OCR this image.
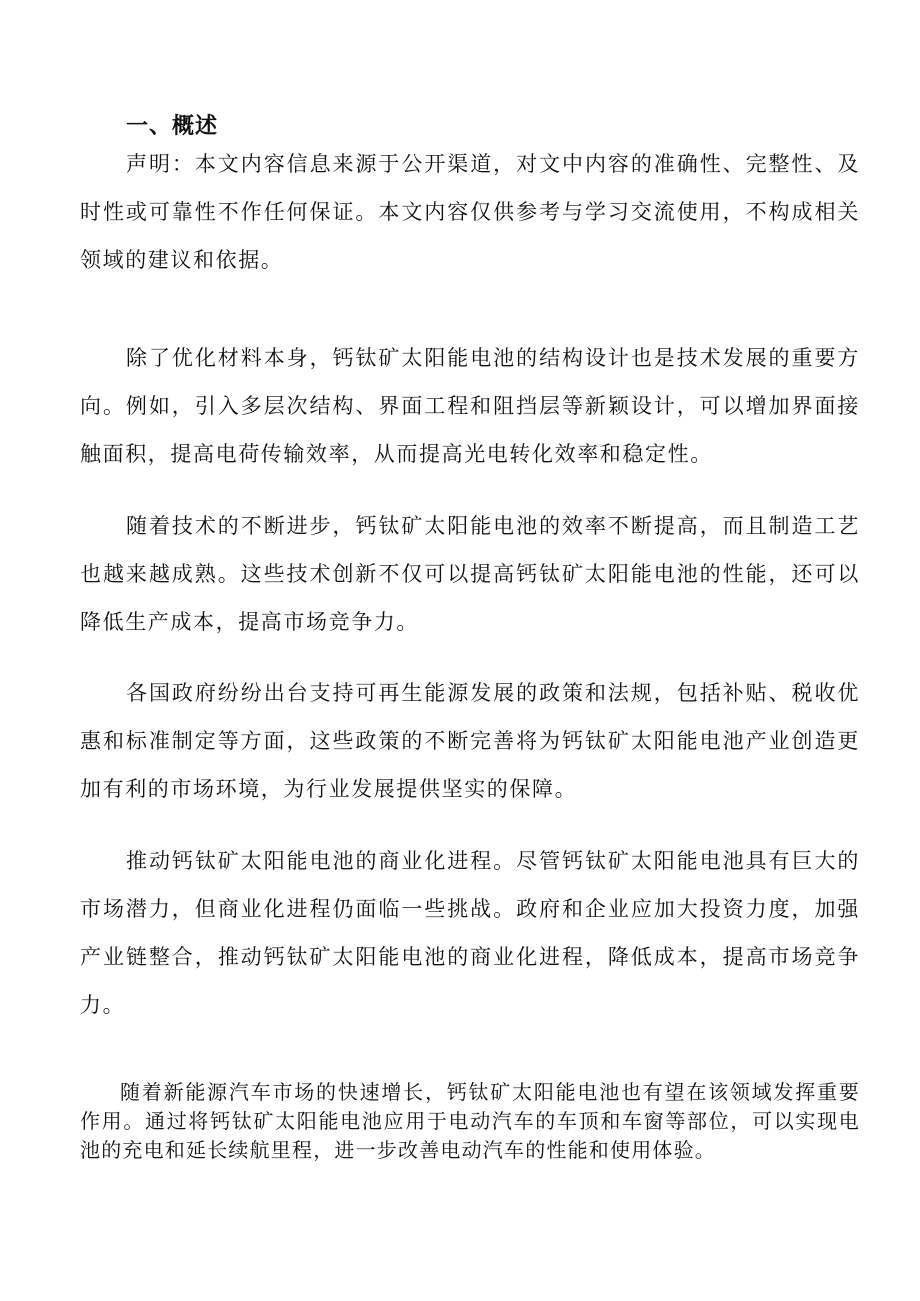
一、概述

声明：本文内容信息来源于公开渠道，对文中内容的准确性、完整性、及时性或可靠性不作任何保证。本文内容仅供参考与学习交流使用，不构成相关领域的建议和依据。

除了优化材料本身，钙钛矿太阳能电池的结构设计也是技术发展的重要方向。例如，引入多层次结构、界面工程和阻挡层等新颖设计，可以增加界面接触面积，提高电荷传输效率，从而提高光电转化效率和稳定性。

随着技术的不断进步，钙钛矿太阳能电池的效率不断提高，而且制造工艺也越来越成熟。这些技术创新不仅可以提高钙钛矿太阳能电池的性能，还可以降低生产成本，提高市场竞争力。

各国政府纷纷出台支持可再生能源发展的政策和法规，包括补贴、税收优惠和标准制定等方面，这些政策的不断完善将为钙钛矿太阳能电池产业创造更加有利的市场环境，为行业发展提供坚实的保障。

推动钙钛矿太阳能电池的商业化进程。尽管钙钛矿太阳能电池具有巨大的市场潜力，但商业化进程仍面临一些挑战。政府和企业应加大投资力度，加强产业链整合，推动钙钛矿太阳能电池的商业化进程，降低成本，提高市场竞争力。

随着新能源汽车市场的快速增长，钙钛矿太阳能电池也有望在该领域发挥重要作用。通过将钙钛矿太阳能电池应用于电动汽车的车顶和车窗等部位，可以实现电池的充电和延长续航里程，进一步改善电动汽车的性能和使用体验。
